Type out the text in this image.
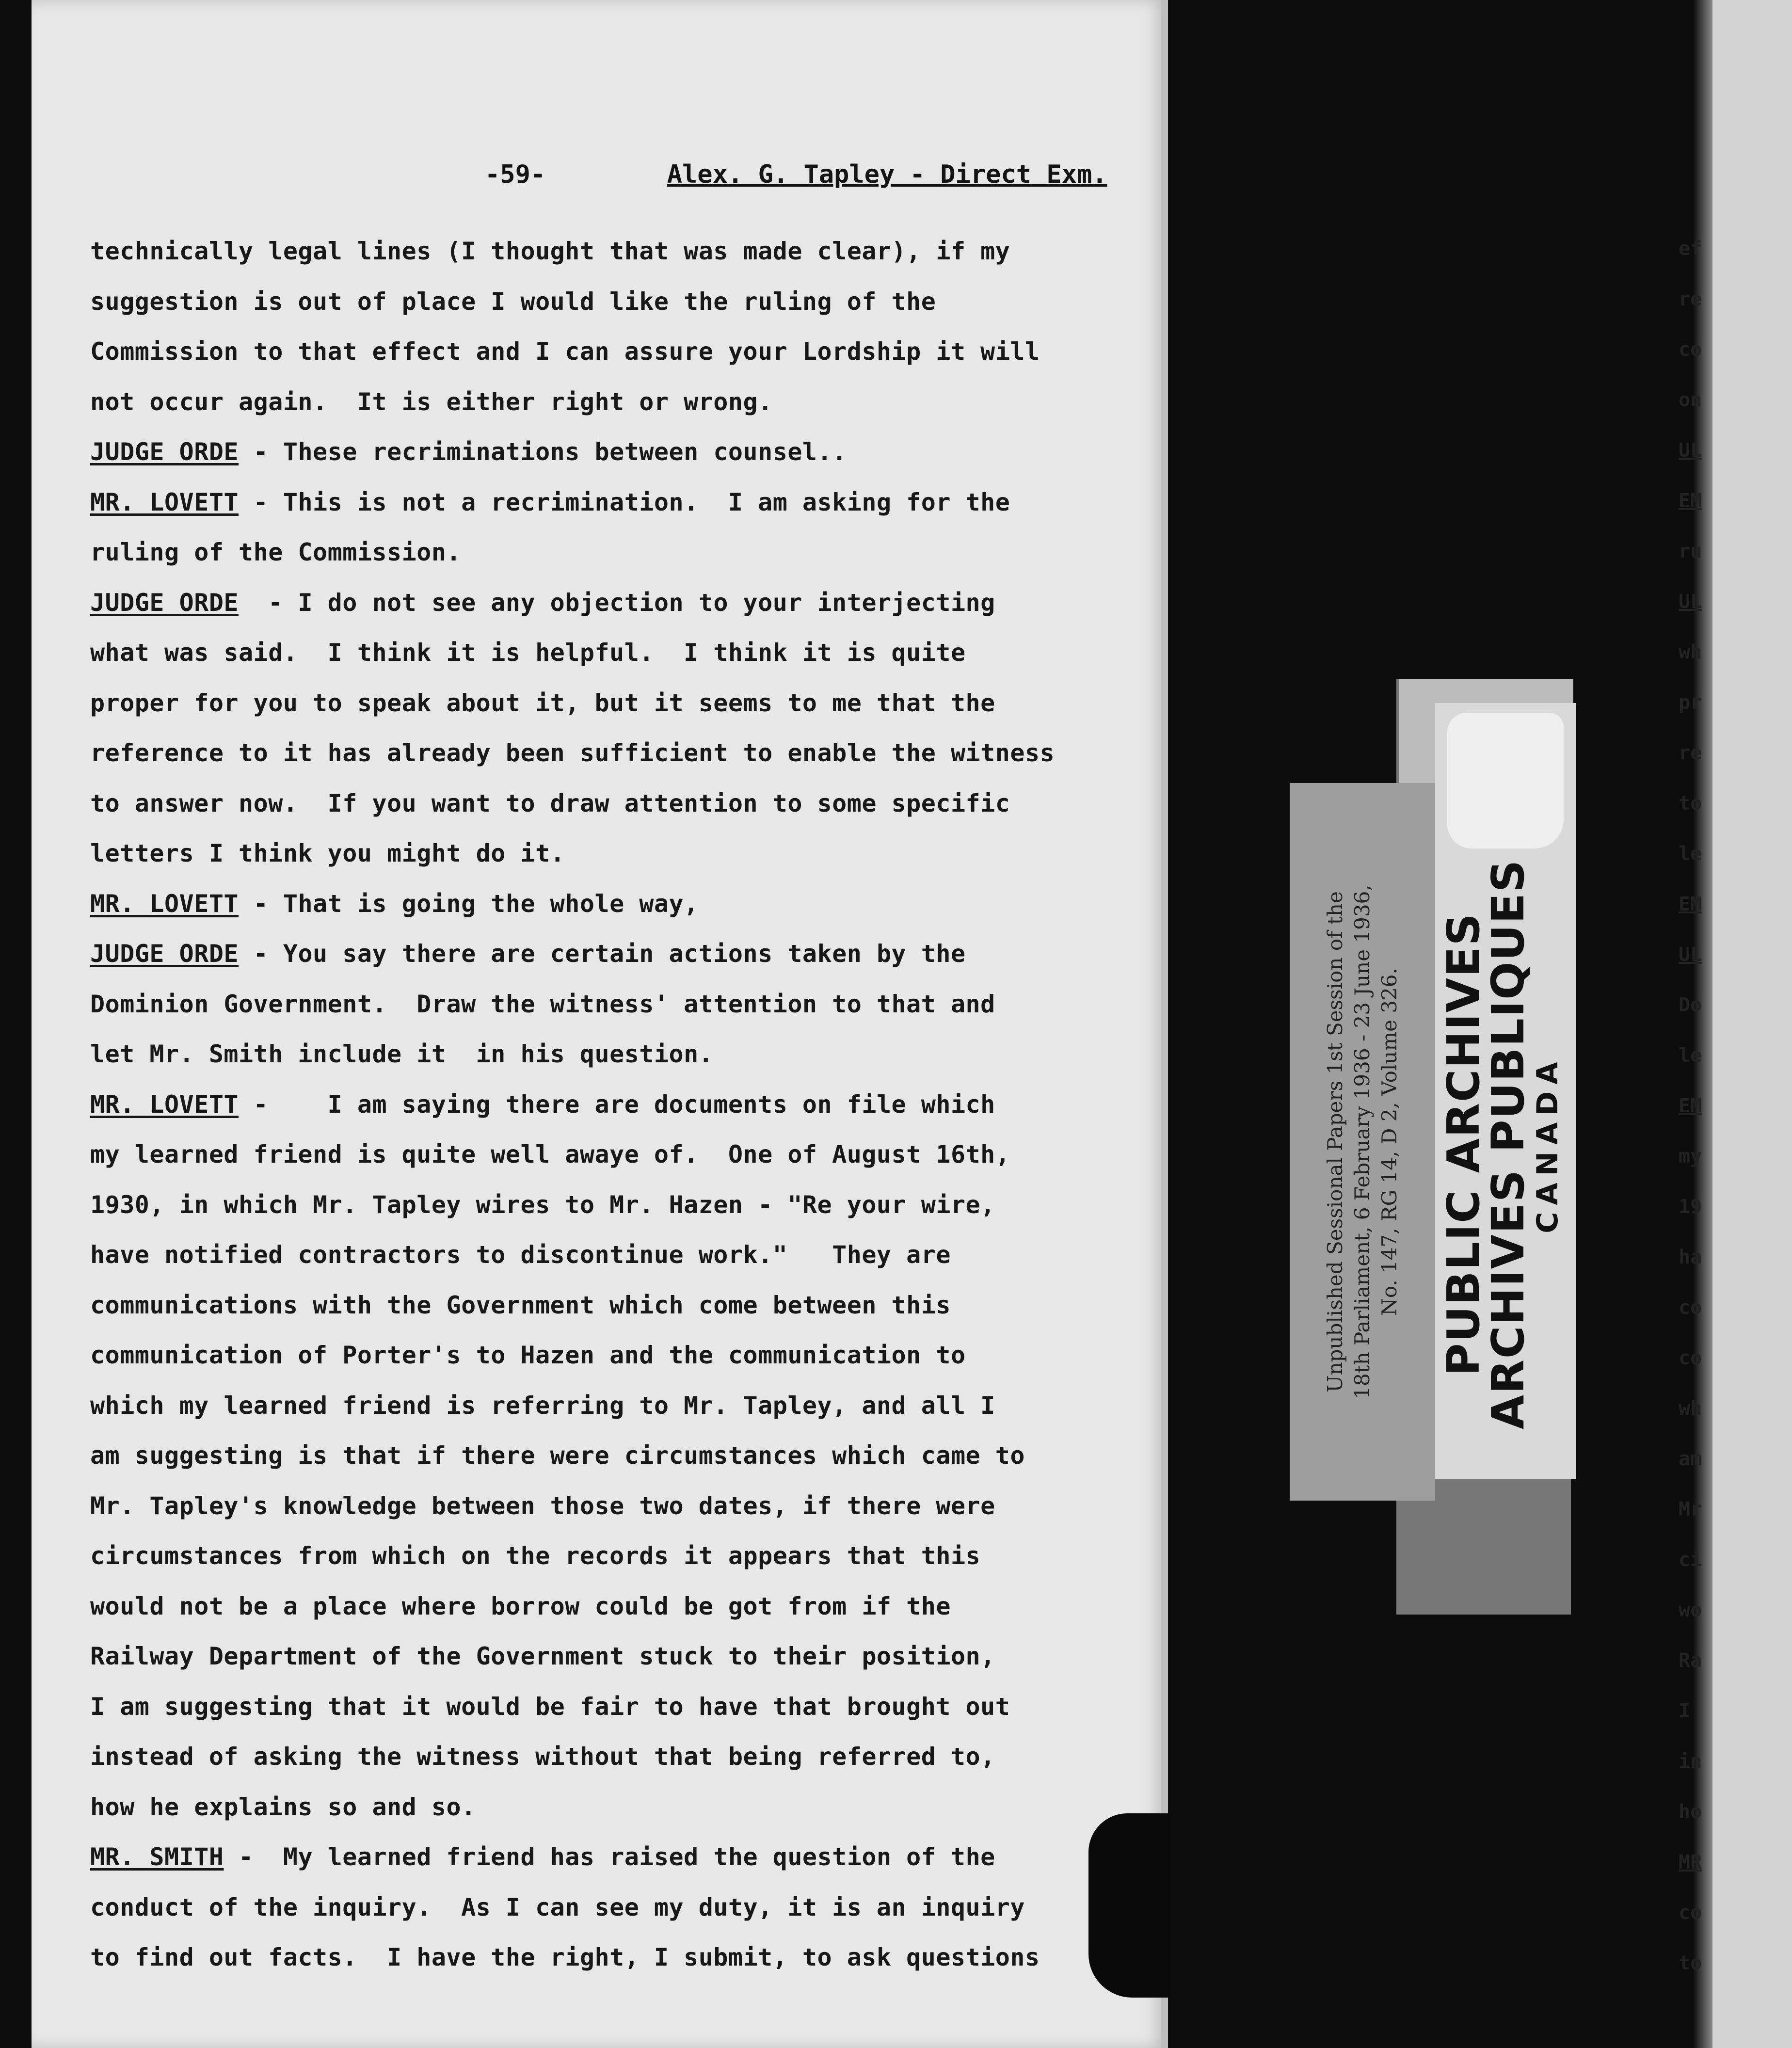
-59-	Alex. G. Tapley - Direct Exm.
technically legal lines (I thought that was made clear), if my
suggestion is out of place I would like the ruling of the
Commission to that effect and I can assure your Lordship it will
not occur again.  It is either right or wrong.
JUDGE ORDE - These recriminations between counsel..
MR. LOVETT - This is not a recrimination.  I am asking for the
ruling of the Commission.
JUDGE ORDE  - I do not see any objection to your interjecting
what was said.  I think it is helpful.  I think it is quite
proper for you to speak about it, but it seems to me that the
reference to it has already been sufficient to enable the witness
to answer now.  If you want to draw attention to some specific
letters I think you might do it.
MR. LOVETT - That is going the whole way,
JUDGE ORDE - You say there are certain actions taken by the
Dominion Government.  Draw the witness' attention to that and
let Mr. Smith include it  in his question.
MR. LOVETT -    I am saying there are documents on file which
my learned friend is quite well awaye of.  One of August 16th,
1930, in which Mr. Tapley wires to Mr. Hazen - "Re your wire,
have notified contractors to discontinue work."   They are
communications with the Government which come between this
communication of Porter's to Hazen and the communication to
which my learned friend is referring to Mr. Tapley, and all I
am suggesting is that if there were circumstances which came to
Mr. Tapley's knowledge between those two dates, if there were
circumstances from which on the records it appears that this
would not be a place where borrow could be got from if the
Railway Department of the Government stuck to their position,
I am suggesting that it would be fair to have that brought out
instead of asking the witness without that being referred to,
how he explains so and so.
MR. SMITH -  My learned friend has raised the question of the
conduct of the inquiry.  As I can see my duty, it is an inquiry
to find out facts.  I have the right, I submit, to ask questions
ef
re
co
on
UL
EM
ru
UL
wh
pr
re
to
le
EM
UL
Do
le
EM
my
19
ha
co
co
wh
am
Mr
ci
wo
Ra
I
in
ho
MR
co
to
Unpublished Sessional Papers 1st Session of the 18th Parliament, 6 February 1936 - 23 June 1936, No. 147, RG 14, D 2, Volume 326. PUBLIC ARCHIVES
ARCHIVES PUBLIQUES
CANADA
